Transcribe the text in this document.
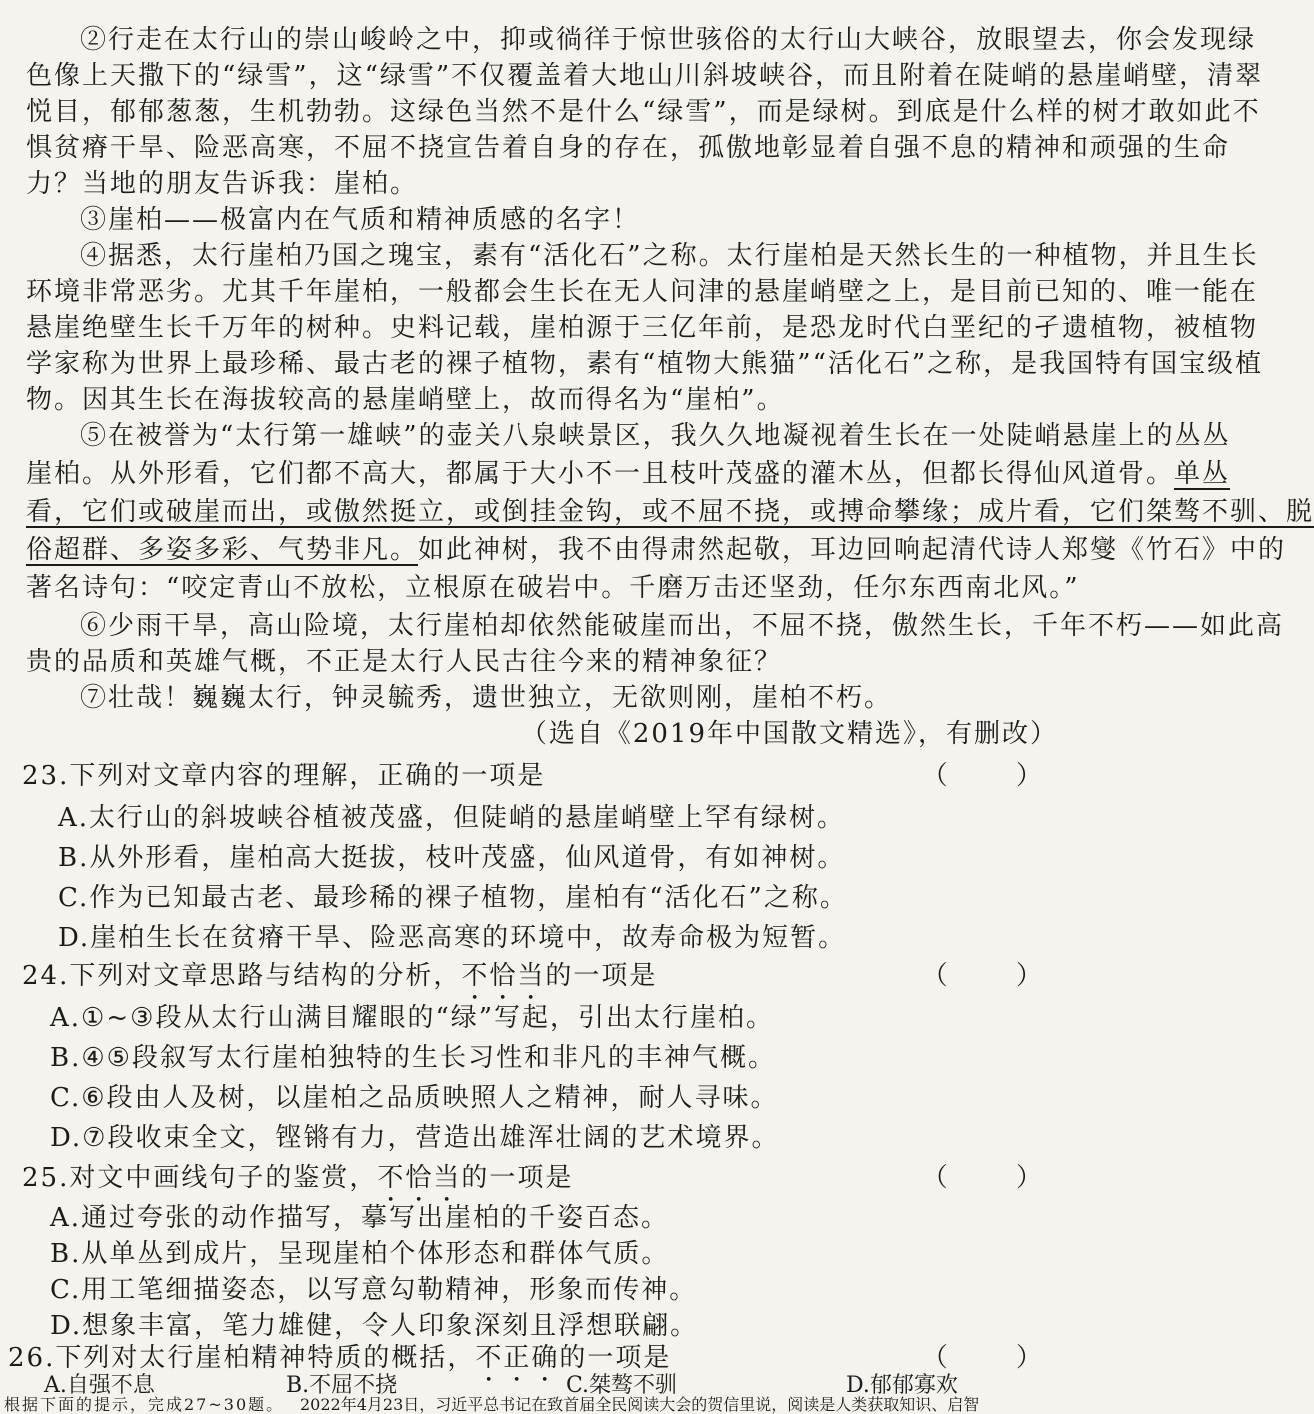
②行走在太行山的崇山峻岭之中，抑或徜徉于惊世骇俗的太行山大峡谷，放眼望去，你会发现绿
色像上天撒下的“绿雪”，这“绿雪”不仅覆盖着大地山川斜坡峡谷，而且附着在陡峭的悬崖峭壁，清翠
悦目，郁郁葱葱，生机勃勃。这绿色当然不是什么“绿雪”，而是绿树。到底是什么样的树才敢如此不
惧贫瘠干旱、险恶高寒，不屈不挠宣告着自身的存在，孤傲地彰显着自强不息的精神和顽强的生命
力？当地的朋友告诉我：崖柏。
③崖柏——极富内在气质和精神质感的名字！
④据悉，太行崖柏乃国之瑰宝，素有“活化石”之称。太行崖柏是天然长生的一种植物，并且生长
环境非常恶劣。尤其千年崖柏，一般都会生长在无人问津的悬崖峭壁之上，是目前已知的、唯一能在
悬崖绝壁生长千万年的树种。史料记载，崖柏源于三亿年前，是恐龙时代白垩纪的孑遗植物，被植物
学家称为世界上最珍稀、最古老的裸子植物，素有“植物大熊猫”“活化石”之称，是我国特有国宝级植
物。因其生长在海拔较高的悬崖峭壁上，故而得名为“崖柏”。
⑤在被誉为“太行第一雄峡”的壶关八泉峡景区，我久久地凝视着生长在一处陡峭悬崖上的丛丛
崖柏。从外形看，它们都不高大，都属于大小不一且枝叶茂盛的灌木丛，但都长得仙风道骨。单丛
看，它们或破崖而出，或傲然挺立，或倒挂金钩，或不屈不挠，或搏命攀缘；成片看，它们桀骜不驯、脱
俗超群、多姿多彩、气势非凡。如此神树，我不由得肃然起敬，耳边回响起清代诗人郑燮《竹石》中的
著名诗句：“咬定青山不放松，立根原在破岩中。千磨万击还坚劲，任尔东西南北风。”
⑥少雨干旱，高山险境，太行崖柏却依然能破崖而出，不屈不挠，傲然生长，千年不朽——如此高
贵的品质和英雄气概，不正是太行人民古往今来的精神象征？
⑦壮哉！巍巍太行，钟灵毓秀，遗世独立，无欲则刚，崖柏不朽。
（选自《2019年中国散文精选》，有删改）
23.下列对文章内容的理解，正确的一项是	（ ）
A.太行山的斜坡峡谷植被茂盛，但陡峭的悬崖峭壁上罕有绿树。
B.从外形看，崖柏高大挺拔，枝叶茂盛，仙风道骨，有如神树。
C.作为已知最古老、最珍稀的裸子植物，崖柏有“活化石”之称。
D.崖柏生长在贫瘠干旱、险恶高寒的环境中，故寿命极为短暂。
24.下列对文章思路与结构的分析，不恰当的一项是	（ ）
A.①~③段从太行山满目耀眼的“绿”写起，引出太行崖柏。
B.④⑤段叙写太行崖柏独特的生长习性和非凡的丰神气概。
C.⑥段由人及树，以崖柏之品质映照人之精神，耐人寻味。
D.⑦段收束全文，铿锵有力，营造出雄浑壮阔的艺术境界。
25.对文中画线句子的鉴赏，不恰当的一项是	（ ）
A.通过夸张的动作描写，摹写出崖柏的千姿百态。
B.从单丛到成片，呈现崖柏个体形态和群体气质。
C.用工笔细描姿态，以写意勾勒精神，形象而传神。
D.想象丰富，笔力雄健，令人印象深刻且浮想联翩。
26.下列对太行崖柏精神特质的概括，不正确的一项是	（ ）
A.自强不息	B.不屈不挠	C.桀骜不驯	D.郁郁寡欢
根据下面的提示，完成27~30题。 2022年4月23日，习近平总书记在致首届全民阅读大会的贺信里说，阅读是人类获取知识、启智
